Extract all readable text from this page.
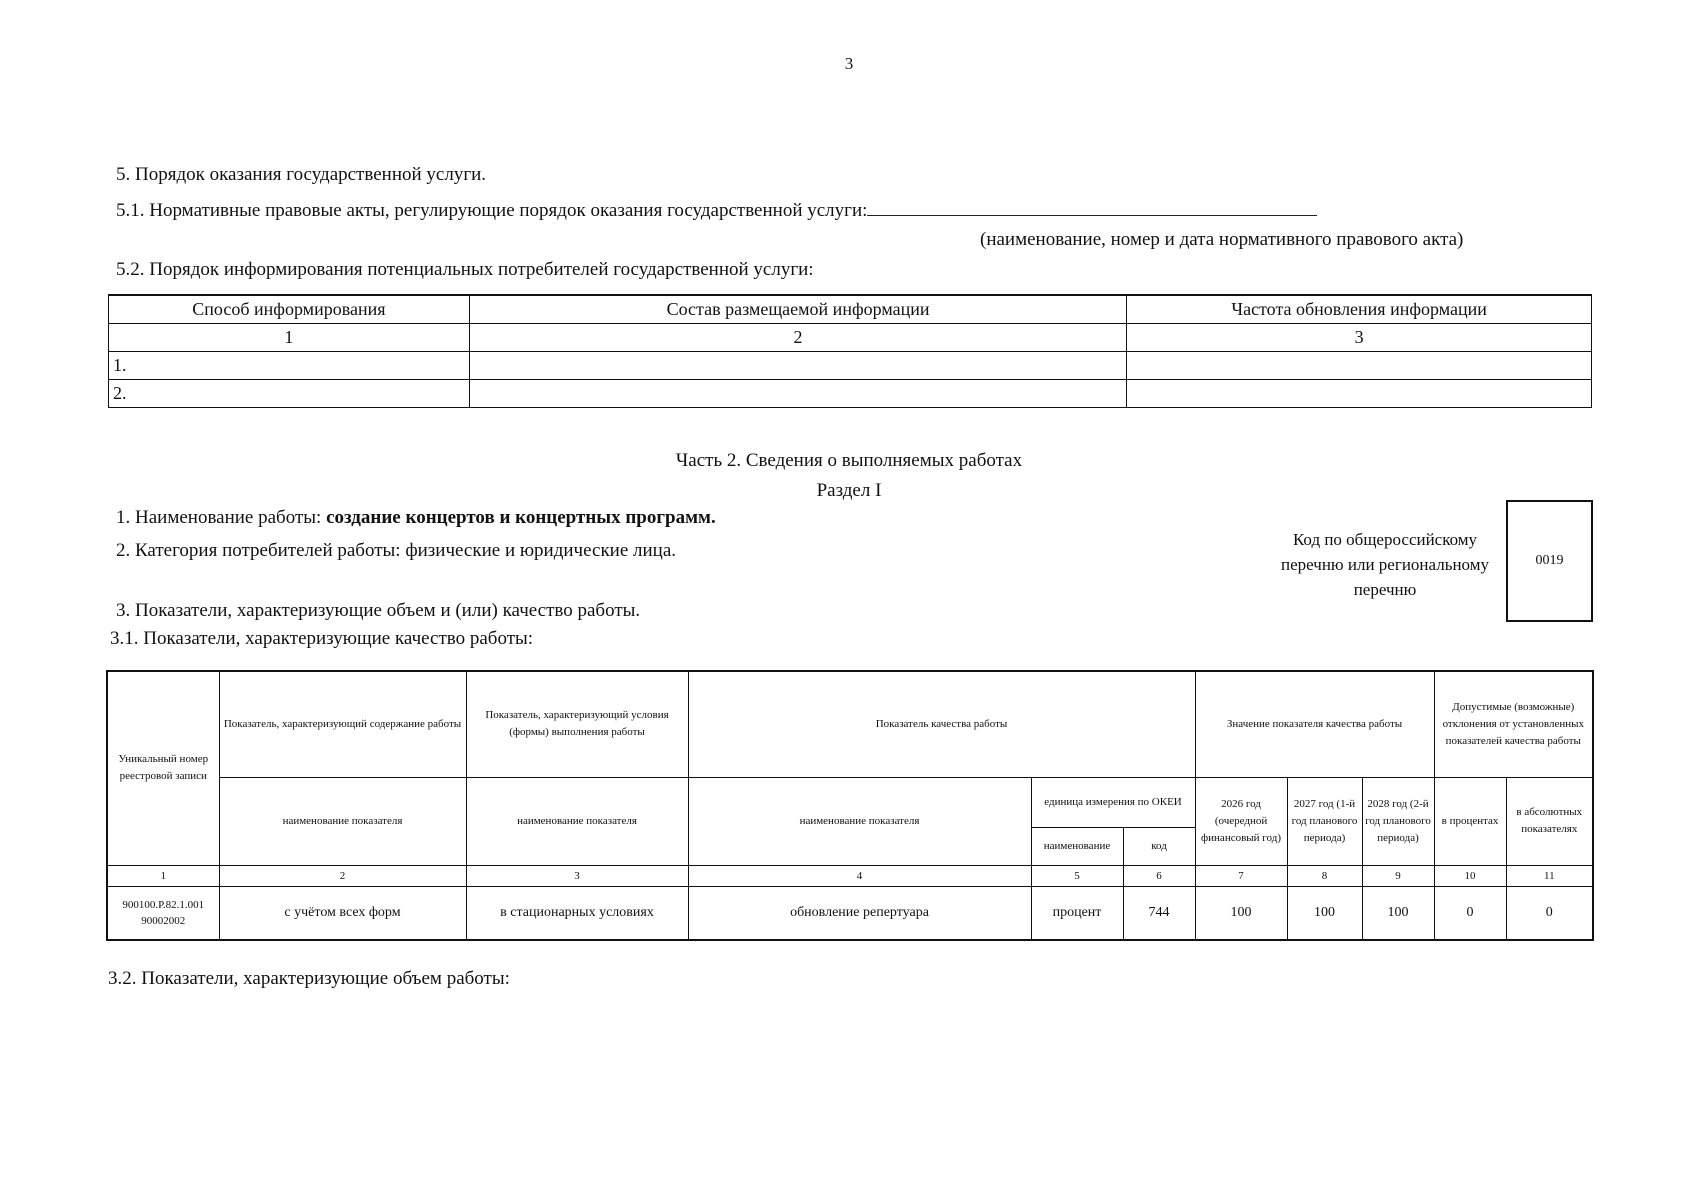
3
5. Порядок оказания государственной услуги.
5.1. Нормативные правовые акты, регулирующие порядок оказания государственной услуги:
(наименование, номер и дата нормативного правового акта)
5.2. Порядок информирования потенциальных потребителей государственной услуги:
Способ информирования	Состав размещаемой информации	Частота обновления информации
1	2	3
1.		
2.		
Часть 2. Сведения о выполняемых работах
Раздел I
1. Наименование работы: создание концертов и концертных программ.
2. Категория потребителей работы: физические и юридические лица.
Код по общероссийскому перечню или региональному перечню
0019
3. Показатели, характеризующие объем и (или) качество работы.
3.1. Показатели, характеризующие качество работы:
Уникальный номер реестровой записи	Показатель, характеризующий содержание работы	Показатель, характеризующий условия (формы) выполнения работы	Показатель качества работы			Значение показателя качества работы			Допустимые (возможные) отклонения от установленных показателей качества работы	
	наименование показателя	наименование показателя	наименование показателя	единица измерения по ОКЕИ		2026 год (очередной финансовый год)	2027 год (1-й год планового периода)	2028 год (2-й год планового периода)	в процентах	в абсолютных показателях
				наименование	код					
1	2	3	4	5	6	7	8	9	10	11
900100.Р.82.1.001 90002002	с учётом всех форм	в стационарных условиях	обновление репертуара	процент	744	100	100	100	0	0
3.2. Показатели, характеризующие объем работы:
